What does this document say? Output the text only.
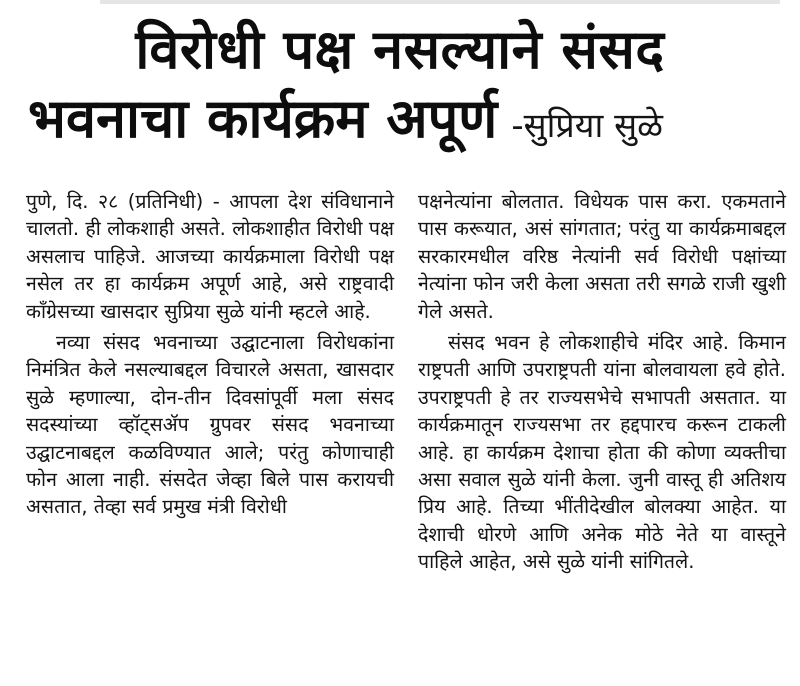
विरोधी पक्ष नसल्याने संसद
भवनाचा कार्यक्रम अपूर्ण -सुप्रिया सुळे

पुणे, दि. २८ (प्रतिनिधी) - आपला देश संविधानाने चालतो. ही लोकशाही असते. लोकशाहीत विरोधी पक्ष असलाच पाहिजे. आजच्या कार्यक्रमाला विरोधी पक्ष नसेल तर हा कार्यक्रम अपूर्ण आहे, असे राष्ट्रवादी काँग्रेसच्या खासदार सुप्रिया सुळे यांनी म्हटले आहे.

नव्या संसद भवनाच्या उद्घाटनाला विरोधकांना निमंत्रित केले नसल्याबद्दल विचारले असता, खासदार सुळे म्हणाल्या, दोन-तीन दिवसांपूर्वी मला संसद सदस्यांच्या व्हॉट्सॲप ग्रुपवर संसद भवनाच्या उद्घाटनाबद्दल कळविण्यात आले; परंतु कोणाचाही फोन आला नाही. संसदेत जेव्हा बिले पास करायची असतात, तेव्हा सर्व प्रमुख मंत्री विरोधी

पक्षनेत्यांना बोलतात. विधेयक पास करा. एकमताने पास करूयात, असं सांगतात; परंतु या कार्यक्रमाबद्दल सरकारमधील वरिष्ठ नेत्यांनी सर्व विरोधी पक्षांच्या नेत्यांना फोन जरी केला असता तरी सगळे राजी खुशी गेले असते.

संसद भवन हे लोकशाहीचे मंदिर आहे. किमान राष्ट्रपती आणि उपराष्ट्रपती यांना बोलवायला हवे होते. उपराष्ट्रपती हे तर राज्यसभेचे सभापती असतात. या कार्यक्रमातून राज्यसभा तर हद्दपारच करून टाकली आहे. हा कार्यक्रम देशाचा होता की कोणा व्यक्तीचा असा सवाल सुळे यांनी केला. जुनी वास्तू ही अतिशय प्रिय आहे. तिच्या भींतीदेखील बोलक्या आहेत. या देशाची धोरणे आणि अनेक मोठे नेते या वास्तूने पाहिले आहेत, असे सुळे यांनी सांगितले.
